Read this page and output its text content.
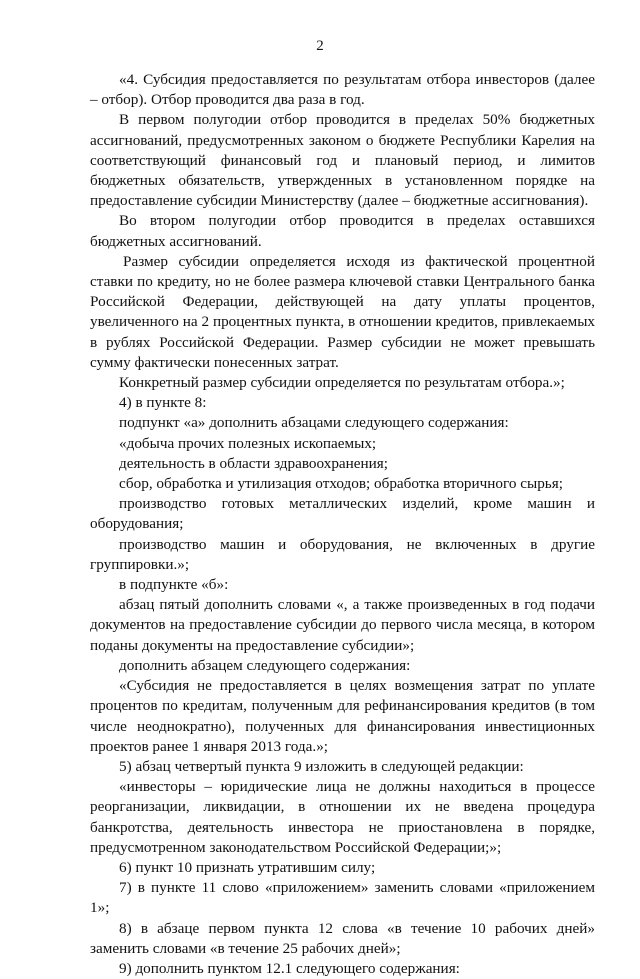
2

«4. Субсидия предоставляется по результатам отбора инвесторов (далее – отбор). Отбор проводится два раза в год.

В первом полугодии отбор проводится в пределах 50% бюджетных ассигнований, предусмотренных законом о бюджете Республики Карелия на соответствующий финансовый год и плановый период, и лимитов бюджетных обязательств, утвержденных в установленном порядке на предоставление субсидии Министерству (далее – бюджетные ассигнования).

Во втором полугодии отбор проводится в пределах оставшихся бюджетных ассигнований.

Размер субсидии определяется исходя из фактической процентной ставки по кредиту, но не более размера ключевой ставки Центрального банка Российской Федерации, действующей на дату уплаты процентов, увеличенного на 2 процентных пункта, в отношении кредитов, привлекаемых в рублях Российской Федерации. Размер субсидии не может превышать сумму фактически понесенных затрат.

Конкретный размер субсидии определяется по результатам отбора.»;

4) в пункте 8:

подпункт «а» дополнить абзацами следующего содержания:

«добыча прочих полезных ископаемых;

деятельность в области здравоохранения;

сбор, обработка и утилизация отходов; обработка вторичного сырья;

производство готовых металлических изделий, кроме машин и оборудования;

производство машин и оборудования, не включенных в другие группировки.»;

в подпункте «б»:

абзац пятый дополнить словами «, а также произведенных в год подачи документов на предоставление субсидии до первого числа месяца, в котором поданы документы на предоставление субсидии»;

дополнить абзацем следующего содержания:

«Субсидия не предоставляется в целях возмещения затрат по уплате процентов по кредитам, полученным для рефинансирования кредитов (в том числе неоднократно), полученных для финансирования инвестиционных проектов ранее 1 января 2013 года.»;

5) абзац четвертый пункта 9 изложить в следующей редакции:

«инвесторы – юридические лица не должны находиться в процессе реорганизации, ликвидации, в отношении их не введена процедура банкротства, деятельность инвестора не приостановлена в порядке, предусмотренном законодательством Российской Федерации;»;

6) пункт 10 признать утратившим силу;

7) в пункте 11 слово «приложением» заменить словами «приложением 1»;

8) в абзаце первом пункта 12 слова «в течение 10 рабочих дней» заменить словами «в течение 25 рабочих дней»;

9) дополнить пунктом 12.1 следующего содержания:
